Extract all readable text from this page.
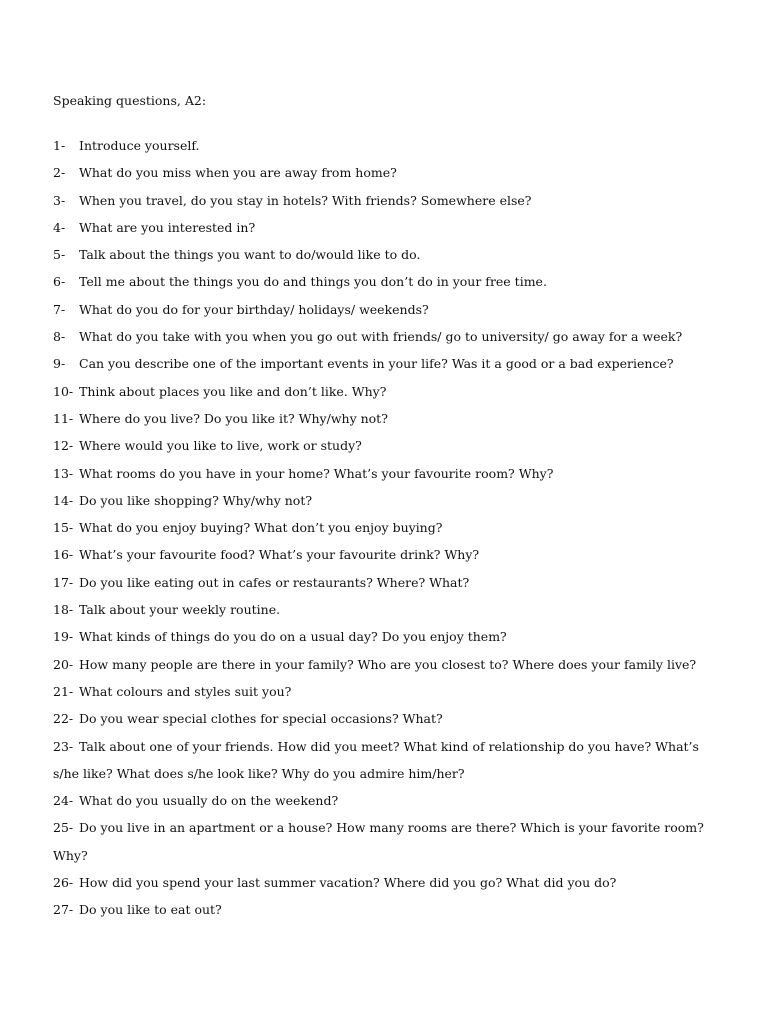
Speaking questions, A2:
1- Introduce yourself.
2- What do you miss when you are away from home?
3- When you travel, do you stay in hotels? With friends? Somewhere else?
4- What are you interested in?
5- Talk about the things you want to do/would like to do.
6- Tell me about the things you do and things you don’t do in your free time.
7- What do you do for your birthday/ holidays/ weekends?
8- What do you take with you when you go out with friends/ go to university/ go away for a week?
9- Can you describe one of the important events in your life? Was it a good or a bad experience?
10- Think about places you like and don’t like. Why?
11- Where do you live? Do you like it? Why/why not?
12- Where would you like to live, work or study?
13- What rooms do you have in your home? What’s your favourite room? Why?
14- Do you like shopping? Why/why not?
15- What do you enjoy buying? What don’t you enjoy buying?
16- What’s your favourite food? What’s your favourite drink? Why?
17- Do you like eating out in cafes or restaurants? Where? What?
18- Talk about your weekly routine.
19- What kinds of things do you do on a usual day? Do you enjoy them?
20- How many people are there in your family? Who are you closest to? Where does your family live?
21- What colours and styles suit you?
22- Do you wear special clothes for special occasions? What?
23- Talk about one of your friends. How did you meet? What kind of relationship do you have? What’s
s/he like? What does s/he look like? Why do you admire him/her?
24- What do you usually do on the weekend?
25- Do you live in an apartment or a house? How many rooms are there? Which is your favorite room?
Why?
26- How did you spend your last summer vacation? Where did you go? What did you do?
27- Do you like to eat out?
